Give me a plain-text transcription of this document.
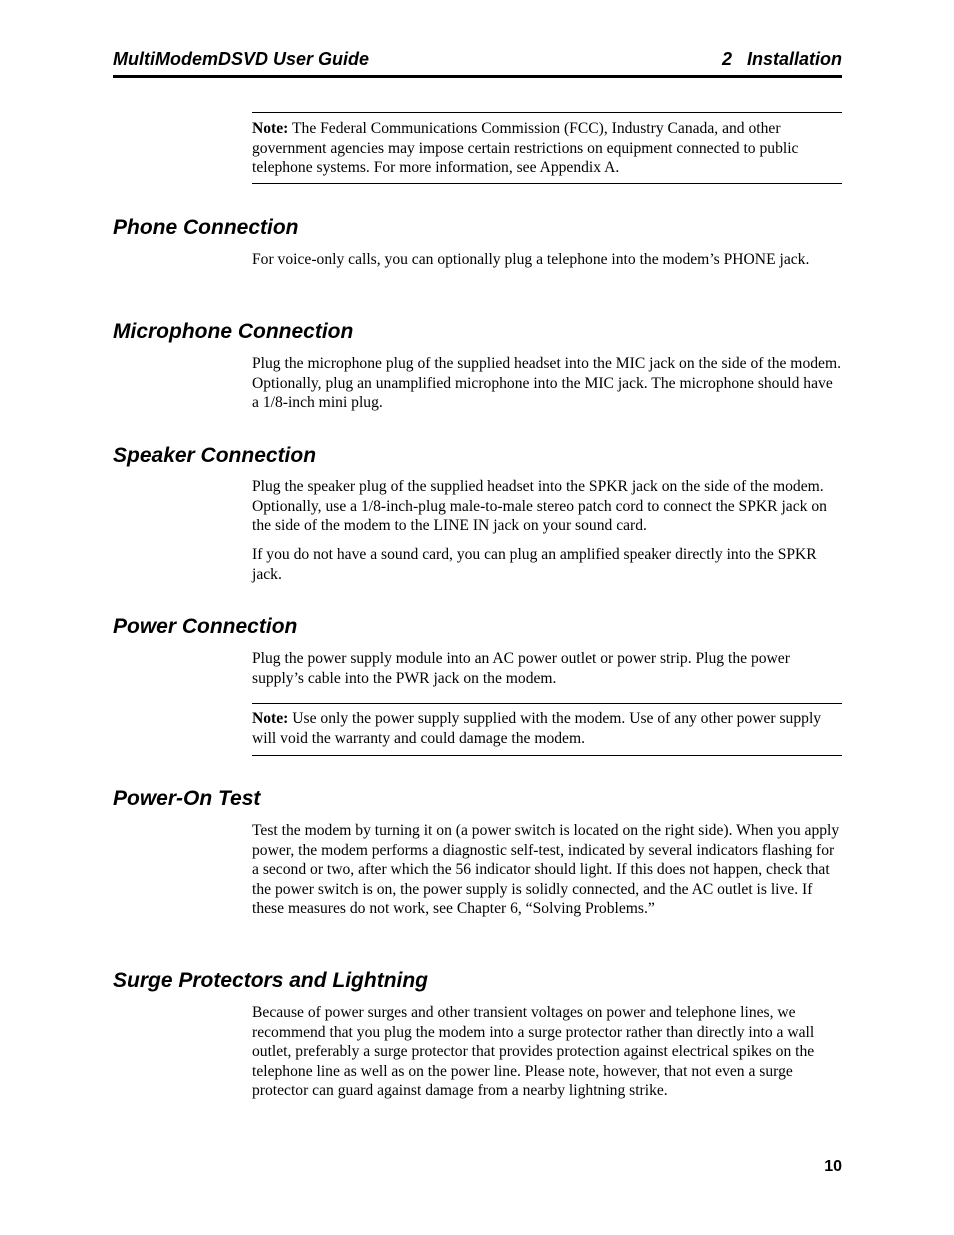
MultiModemDSVD User Guide	2   Installation
Note: The Federal Communications Commission (FCC), Industry Canada, and other government agencies may impose certain restrictions on equipment connected to public telephone systems. For more information, see Appendix A.
Phone Connection

For voice-only calls, you can optionally plug a telephone into the modem’s PHONE jack.

Microphone Connection

Plug the microphone plug of the supplied headset into the MIC jack on the side of the modem. Optionally, plug an unamplified microphone into the MIC jack. The microphone should have a 1/8-inch mini plug.

Speaker Connection

Plug the speaker plug of the supplied headset into the SPKR jack on the side of the modem. Optionally, use a 1/8-inch-plug male-to-male stereo patch cord to connect the SPKR jack on the side of the modem to the LINE IN jack on your sound card.

If you do not have a sound card, you can plug an amplified speaker directly into the SPKR jack.

Power Connection

Plug the power supply module into an AC power outlet or power strip. Plug the power supply’s cable into the PWR jack on the modem.

Note: Use only the power supply supplied with the modem. Use of any other power supply will void the warranty and could damage the modem.
Power-On Test

Test the modem by turning it on (a power switch is located on the right side). When you apply power, the modem performs a diagnostic self-test, indicated by several indicators flashing for a second or two, after which the 56 indicator should light. If this does not happen, check that the power switch is on, the power supply is solidly connected, and the AC outlet is live. If these measures do not work, see Chapter 6, “Solving Problems.”

Surge Protectors and Lightning

Because of power surges and other transient voltages on power and telephone lines, we recommend that you plug the modem into a surge protector rather than directly into a wall outlet, preferably a surge protector that provides protection against electrical spikes on the telephone line as well as on the power line. Please note, however, that not even a surge protector can guard against damage from a nearby lightning strike.

10
